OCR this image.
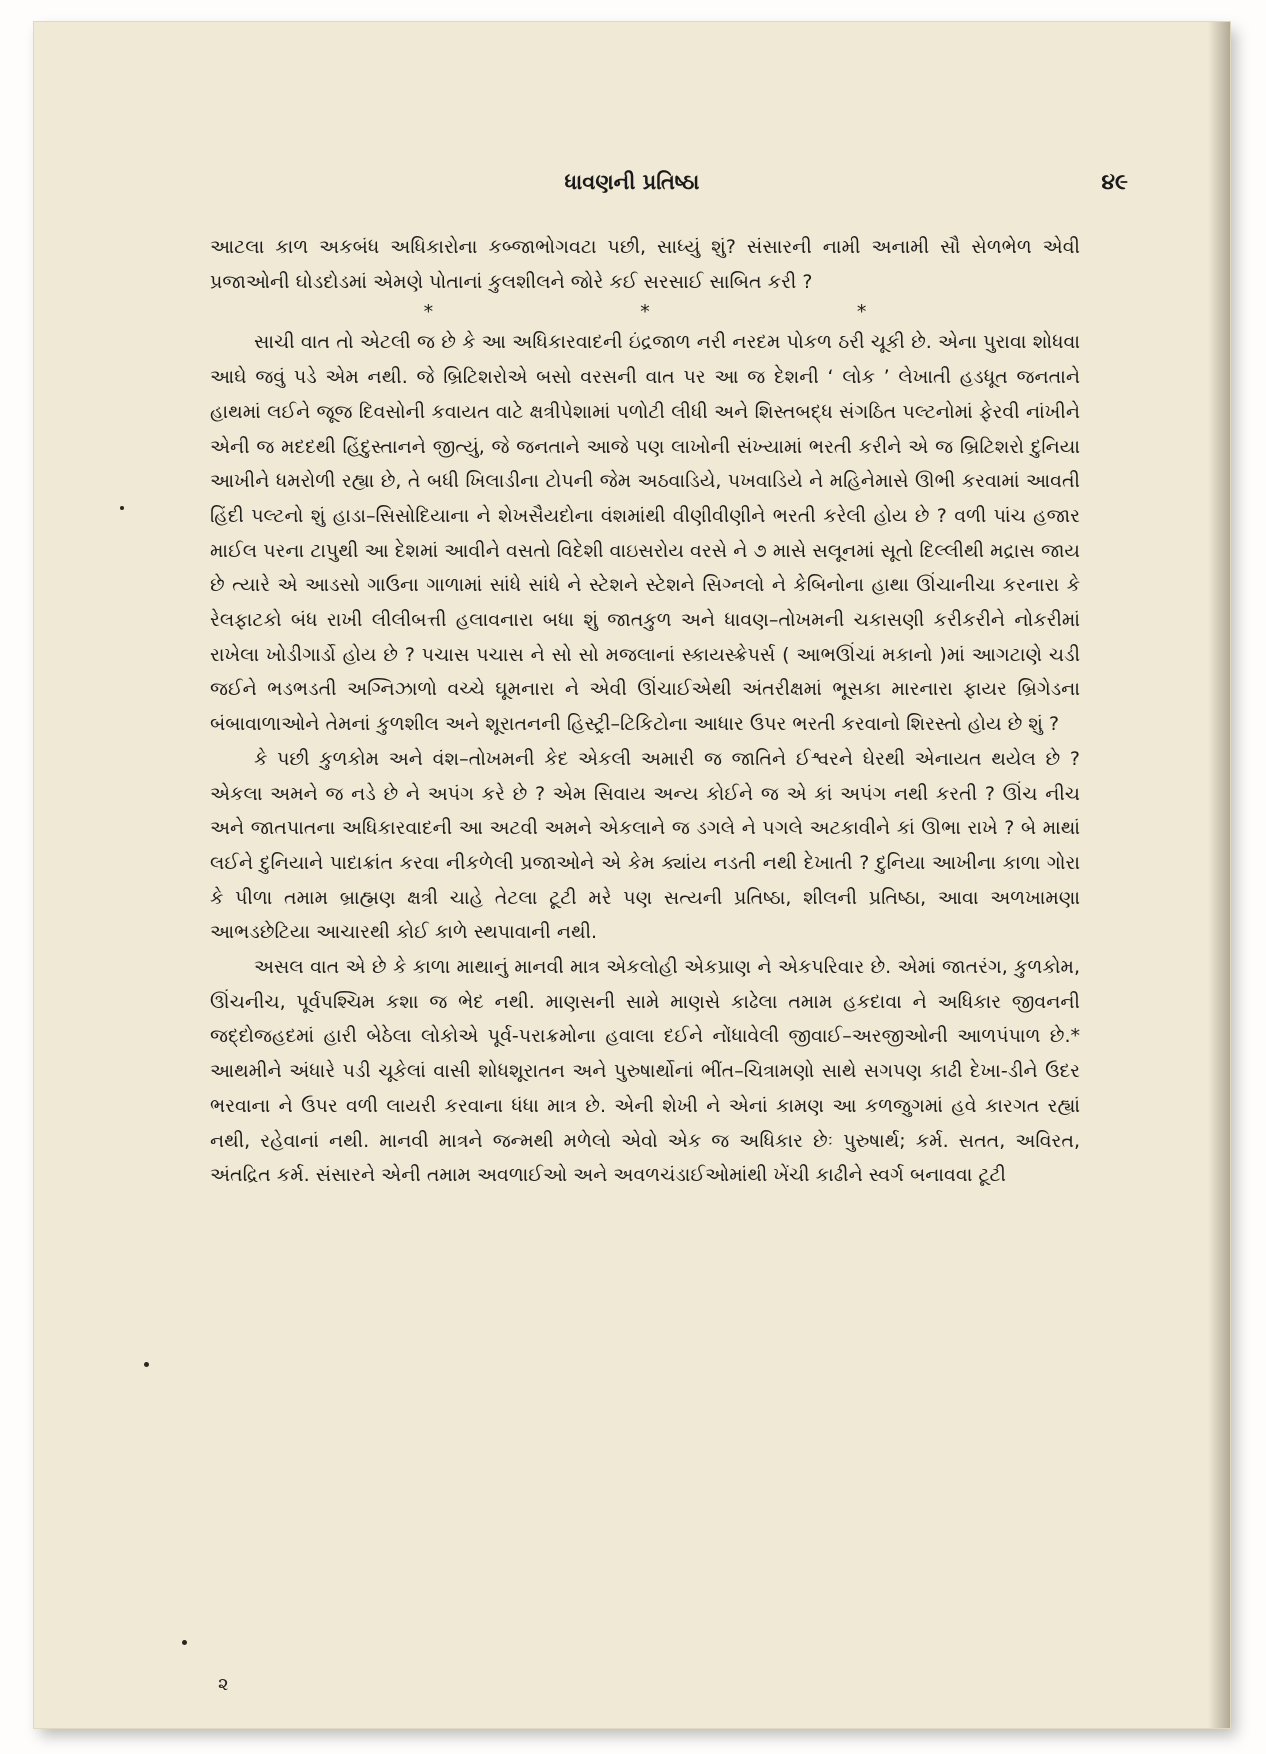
ધાવણની પ્રતિષ્ઠા	૪૯

આટલા કાળ અકબંધ અધિકારોના કબ્જાભોગવટા પછી, સાધ્યું શું? સંસારની નામી અનામી સૌ સેળભેળ એવી પ્રજાઓની ઘોડદોડમાં એમણે પોતાનાં કુલશીલને જોરે કઈ સરસાઈ સાબિત કરી ?

*	*	*

સાચી વાત તો એટલી જ છે કે આ અધિકારવાદની ઇંદ્રજાળ નરી નરદમ પોકળ ઠરી ચૂકી છે. એના પુરાવા શોધવા આઘે જવું પડે એમ નથી. જે બ્રિટિશરોએ બસો વરસની વાત પર આ જ દેશની ‘ લોક ’ લેખાતી હડધૂત જનતાને હાથમાં લઈને જૂજ દિવસોની કવાયત વાટે ક્ષત્રીપેશામાં પળોટી લીધી અને શિસ્તબદ્ધ સંગઠિત પલ્ટનોમાં ફેરવી નાંખીને એની જ મદદથી હિંદુસ્તાનને જીત્યું, જે જનતાને આજે પણ લાખોની સંખ્યામાં ભરતી કરીને એ જ બ્રિટિશરો દુનિયા આખીને ધમરોળી રહ્યા છે, તે બધી ખિલાડીના ટોપની જેમ અઠવાડિયે, પખવાડિયે ને મહિનેમાસે ઊભી કરવામાં આવતી હિંદી પલ્ટનો શું હાડા–સિસોદિયાના ને શેખસૈયદોના વંશમાંથી વીણીવીણીને ભરતી કરેલી હોય છે ? વળી પાંચ હજાર માઈલ પરના ટાપુથી આ દેશમાં આવીને વસતો વિદેશી વાઇસરોય વરસે ને ૭ માસે સલૂનમાં સૂતો દિલ્લીથી મદ્રાસ જાય છે ત્યારે એ આડસો ગાઉના ગાળામાં સાંધે સાંધે ને સ્ટેશને સ્ટેશને સિગ્નલો ને કેબિનોના હાથા ઊંચાનીચા કરનારા કે રેલફાટકો બંધ રાખી લીલીબત્તી હલાવનારા બધા શું જાતકુળ અને ધાવણ–તોખમની ચકાસણી કરીકરીને નોકરીમાં રાખેલા ખોડીગાર્ડો હોય છે ? પચાસ પચાસ ને સો સો મજલાનાં સ્કાયસ્ક્રેપર્સ ( આભઊંચાં મકાનો )માં આગટાણે ચડી જઈને ભડભડતી અગ્નિઝાળો વચ્ચે ઘૂમનારા ને એવી ઊંચાઈએથી અંતરીક્ષમાં ભૂસકા મારનારા ફાયર બ્રિગેડના બંબાવાળાઓને તેમનાં કુળશીલ અને શૂરાતનની હિસ્ટ્રી–ટિકિટોના આધાર ઉપર ભરતી કરવાનો શિરસ્તો હોય છે શું ?

કે પછી કુળકોમ અને વંશ–તોખમની કેદ એકલી અમારી જ જાતિને ઈશ્વરને ઘેરથી એનાયત થયેલ છે ? એકલા અમને જ નડે છે ને અપંગ કરે છે ? એમ સિવાય અન્ય કોઈને જ એ કાં અપંગ નથી કરતી ? ઊંચ નીચ અને જાતપાતના અધિકારવાદની આ અટવી અમને એકલાને જ ડગલે ને પગલે અટકાવીને કાં ઊભા રાખે ? બે માથાં લઈને દુનિયાને પાદાક્રાંત કરવા નીકળેલી પ્રજાઓને એ કેમ ક્યાંય નડતી નથી દેખાતી ? દુનિયા આખીના કાળા ગોરા કે પીળા તમામ બ્રાહ્મણ ક્ષત્રી ચાહે તેટલા ટૂટી મરે પણ સત્યની પ્રતિષ્ઠા, શીલની પ્રતિષ્ઠા, આવા અળખામણા આભડછેટિયા આચારથી કોઈ કાળે સ્થપાવાની નથી.

અસલ વાત એ છે કે કાળા માથાનું માનવી માત્ર એકલોહી એકપ્રાણ ને એકપરિવાર છે. એમાં જાતરંગ, કુળકોમ, ઊંચનીચ, પૂર્વપશ્ચિમ કશા જ ભેદ નથી. માણસની સામે માણસે કાઢેલા તમામ હકદાવા ને અધિકાર જીવનની જદ્દોજહદમાં હારી બેઠેલા લોકોએ પૂર્વ-પરાક્રમોના હવાલા દઈને નોંધાવેલી જીવાઈ–અરજીઓની આળપંપાળ છે.* આથમીને અંધારે પડી ચૂકેલાં વાસી શોધશૂરાતન અને પુરુષાર્થોનાં ભીંત–ચિત્રામણો સાથે સગપણ કાઢી દેખા-ડીને ઉદર ભરવાના ને ઉપર વળી લાયરી કરવાના ધંધા માત્ર છે. એની શેખી ને એનાં કામણ આ કળજુગમાં હવે કારગત રહ્યાં નથી, રહેવાનાં નથી. માનવી માત્રને જન્મથી મળેલો એવો એક જ અધિકાર છેઃ પુરુષાર્થ; કર્મ. સતત, અવિરત, અંતદ્રિત કર્મ. સંસારને એની તમામ અવળાઈઓ અને અવળચંડાઈઓમાંથી ખેંચી કાઢીને સ્વર્ગ બનાવવા ટૂટી

૨
